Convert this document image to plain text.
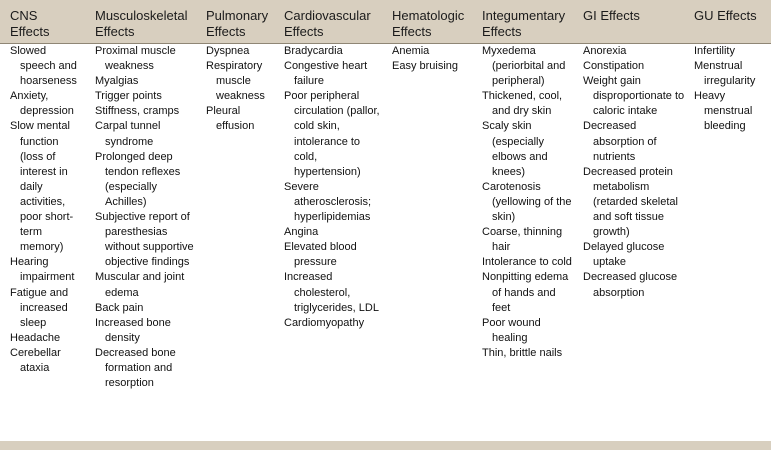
CNS
Effects
Slowed speech and hoarseness
Anxiety, depression
Slow mental function (loss of interest in daily activities, poor short-term memory)
Hearing impairment
Fatigue and increased sleep
Headache
Cerebellar ataxia
Musculoskeletal
Effects
Proximal muscle weakness
Myalgias
Trigger points
Stiffness, cramps
Carpal tunnel syndrome
Prolonged deep tendon reflexes (especially Achilles)
Subjective report of paresthesias without supportive objective findings
Muscular and joint edema
Back pain
Increased bone density
Decreased bone formation and resorption
Pulmonary
Effects
Dyspnea
Respiratory muscle weakness
Pleural effusion
Cardiovascular
Effects
Bradycardia
Congestive heart failure
Poor peripheral circulation (pallor, cold skin, intolerance to cold, hypertension)
Severe atherosclerosis; hyperlipidemias
Angina
Elevated blood pressure
Increased cholesterol, triglycerides, LDL
Cardiomyopathy
Hematologic
Effects
Anemia
Easy bruising
Integumentary
Effects
Myxedema (periorbital and peripheral)
Thickened, cool, and dry skin
Scaly skin (especially elbows and knees)
Carotenosis (yellowing of the skin)
Coarse, thinning hair
Intolerance to cold
Nonpitting edema of hands and feet
Poor wound healing
Thin, brittle nails
GI Effects
Anorexia
Constipation
Weight gain disproportionate to caloric intake
Decreased absorption of nutrients
Decreased protein metabolism (retarded skeletal and soft tissue growth)
Delayed glucose uptake
Decreased glucose absorption
GU Effects
Infertility
Menstrual irregularity
Heavy menstrual bleeding
